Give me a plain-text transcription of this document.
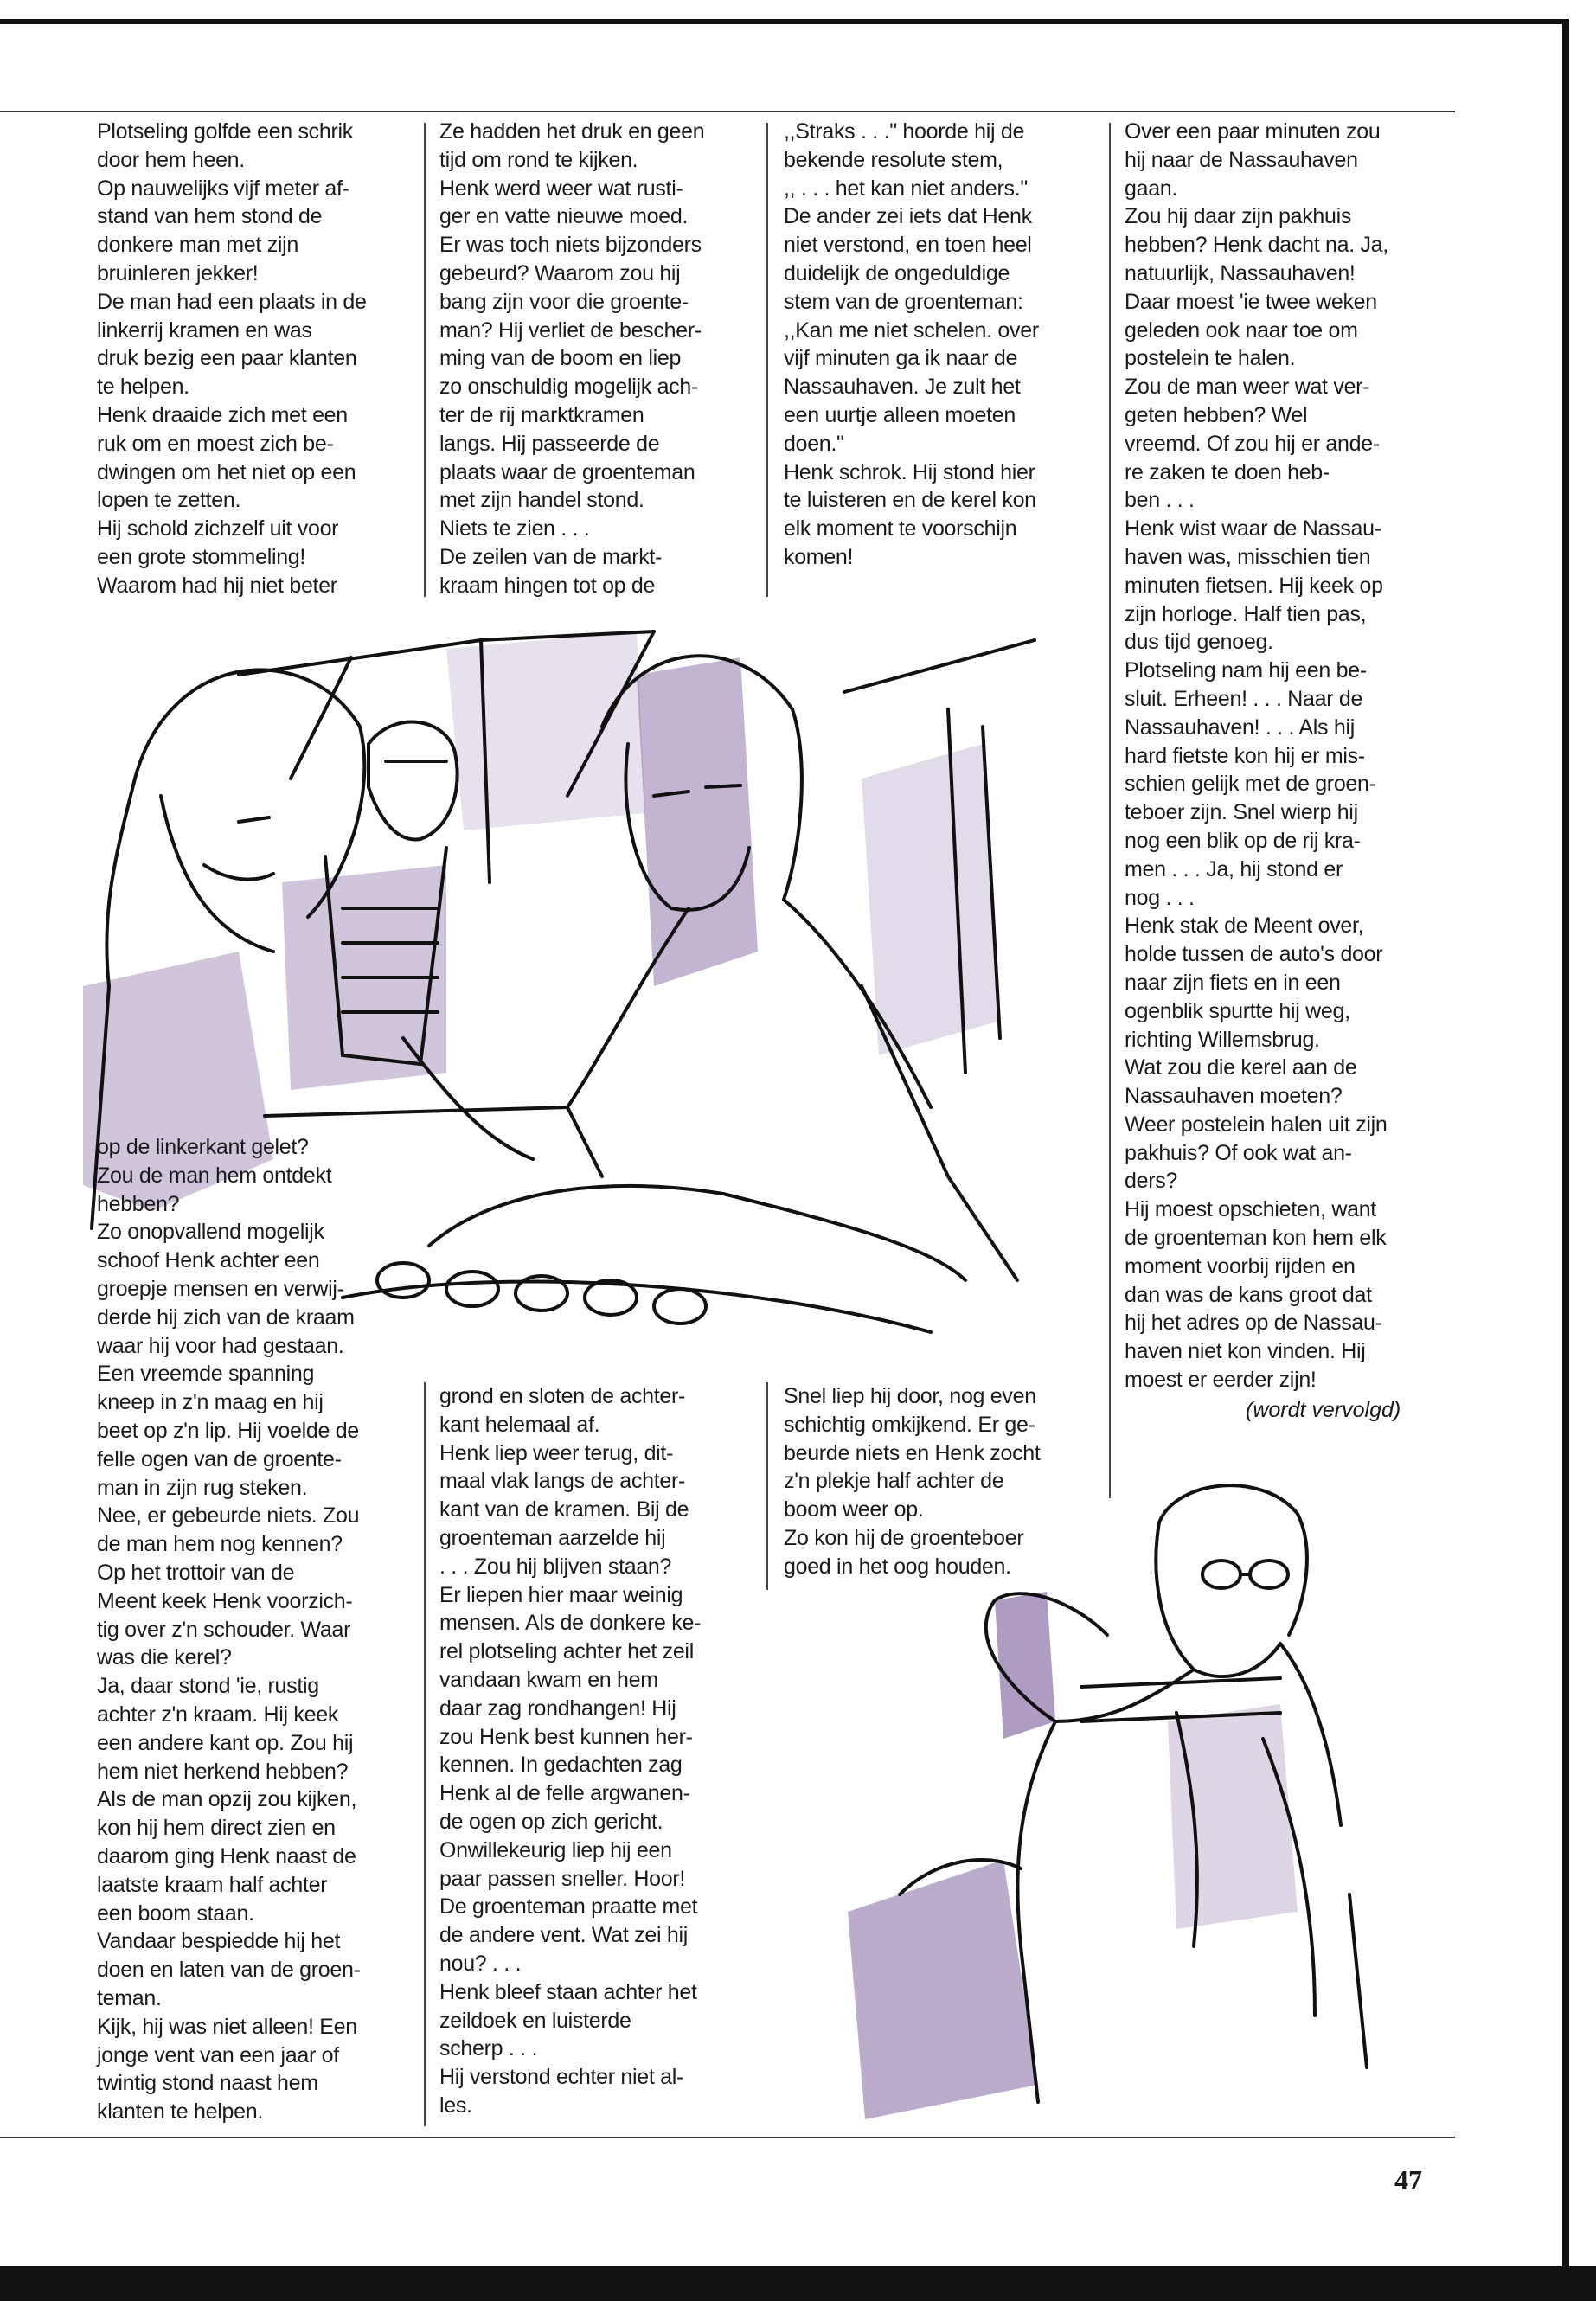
Plotseling golfde een schrik
door hem heen.
Op nauwelijks vijf meter af-
stand van hem stond de
donkere man met zijn
bruinleren jekker!
De man had een plaats in de
linkerrij kramen en was
druk bezig een paar klanten
te helpen.
Henk draaide zich met een
ruk om en moest zich be-
dwingen om het niet op een
lopen te zetten.
Hij schold zichzelf uit voor
een grote stommeling!
Waarom had hij niet beter
Ze hadden het druk en geen
tijd om rond te kijken.
Henk werd weer wat rusti-
ger en vatte nieuwe moed.
Er was toch niets bijzonders
gebeurd? Waarom zou hij
bang zijn voor die groente-
man? Hij verliet de bescher-
ming van de boom en liep
zo onschuldig mogelijk ach-
ter de rij marktkramen
langs. Hij passeerde de
plaats waar de groenteman
met zijn handel stond.
Niets te zien . . .
De zeilen van de markt-
kraam hingen tot op de
,,Straks . . ." hoorde hij de
bekende resolute stem,
,, . . . het kan niet anders."
De ander zei iets dat Henk
niet verstond, en toen heel
duidelijk de ongeduldige
stem van de groenteman:
,,Kan me niet schelen. over
vijf minuten ga ik naar de
Nassauhaven. Je zult het
een uurtje alleen moeten
doen."
Henk schrok. Hij stond hier
te luisteren en de kerel kon
elk moment te voorschijn
komen!
Over een paar minuten zou
hij naar de Nassauhaven
gaan.
Zou hij daar zijn pakhuis
hebben? Henk dacht na. Ja,
natuurlijk, Nassauhaven!
Daar moest 'ie twee weken
geleden ook naar toe om
postelein te halen.
Zou de man weer wat ver-
geten hebben? Wel
vreemd. Of zou hij er ande-
re zaken te doen heb-
ben . . .
Henk wist waar de Nassau-
haven was, misschien tien
minuten fietsen. Hij keek op
zijn horloge. Half tien pas,
dus tijd genoeg.
Plotseling nam hij een be-
sluit. Erheen! . . . Naar de
Nassauhaven! . . . Als hij
hard fietste kon hij er mis-
schien gelijk met de groen-
teboer zijn. Snel wierp hij
nog een blik op de rij kra-
men . . . Ja, hij stond er
nog . . .
Henk stak de Meent over,
holde tussen de auto's door
naar zijn fiets en in een
ogenblik spurtte hij weg,
richting Willemsbrug.
Wat zou die kerel aan de
Nassauhaven moeten?
Weer postelein halen uit zijn
pakhuis? Of ook wat an-
ders?
Hij moest opschieten, want
de groenteman kon hem elk
moment voorbij rijden en
dan was de kans groot dat
hij het adres op de Nassau-
haven niet kon vinden. Hij
moest er eerder zijn!
(wordt vervolgd)
op de linkerkant gelet?
Zou de man hem ontdekt
hebben?
Zo onopvallend mogelijk
schoof Henk achter een
groepje mensen en verwij-
derde hij zich van de kraam
waar hij voor had gestaan.
Een vreemde spanning
kneep in z'n maag en hij
beet op z'n lip. Hij voelde de
felle ogen van de groente-
man in zijn rug steken.
Nee, er gebeurde niets. Zou
de man hem nog kennen?
Op het trottoir van de
Meent keek Henk voorzich-
tig over z'n schouder. Waar
was die kerel?
Ja, daar stond 'ie, rustig
achter z'n kraam. Hij keek
een andere kant op. Zou hij
hem niet herkend hebben?
Als de man opzij zou kijken,
kon hij hem direct zien en
daarom ging Henk naast de
laatste kraam half achter
een boom staan.
Vandaar bespiedde hij het
doen en laten van de groen-
teman.
Kijk, hij was niet alleen! Een
jonge vent van een jaar of
twintig stond naast hem
klanten te helpen.
grond en sloten de achter-
kant helemaal af.
Henk liep weer terug, dit-
maal vlak langs de achter-
kant van de kramen. Bij de
groenteman aarzelde hij
. . . Zou hij blijven staan?
Er liepen hier maar weinig
mensen. Als de donkere ke-
rel plotseling achter het zeil
vandaan kwam en hem
daar zag rondhangen! Hij
zou Henk best kunnen her-
kennen. In gedachten zag
Henk al de felle argwanen-
de ogen op zich gericht.
Onwillekeurig liep hij een
paar passen sneller. Hoor!
De groenteman praatte met
de andere vent. Wat zei hij
nou? . . .
Henk bleef staan achter het
zeildoek en luisterde
scherp . . .
Hij verstond echter niet al-
les.
Snel liep hij door, nog even
schichtig omkijkend. Er ge-
beurde niets en Henk zocht
z'n plekje half achter de
boom weer op.
Zo kon hij de groenteboer
goed in het oog houden.
47
